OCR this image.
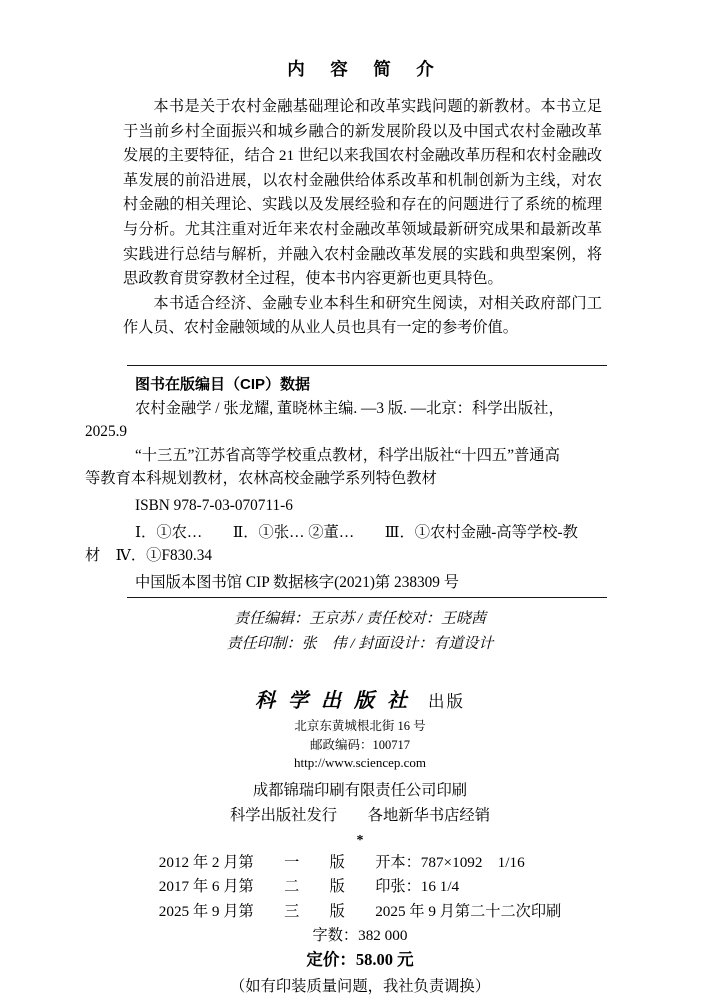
内　容　简　介

本书是关于农村金融基础理论和改革实践问题的新教材。本书立足于当前乡村全面振兴和城乡融合的新发展阶段以及中国式农村金融改革发展的主要特征，结合 21 世纪以来我国农村金融改革历程和农村金融改革发展的前沿进展，以农村金融供给体系改革和机制创新为主线，对农村金融的相关理论、实践以及发展经验和存在的问题进行了系统的梳理与分析。尤其注重对近年来农村金融改革领域最新研究成果和最新改革实践进行总结与解析，并融入农村金融改革发展的实践和典型案例，将思政教育贯穿教材全过程，使本书内容更新也更具特色。

本书适合经济、金融专业本科生和研究生阅读，对相关政府部门工作人员、农村金融领域的从业人员也具有一定的参考价值。

图书在版编目（CIP）数据

农村金融学 / 张龙耀, 董晓林主编. —3 版. —北京：科学出版社，

2025.9

“十三五”江苏省高等学校重点教材，科学出版社“十四五”普通高

等教育本科规划教材，农林高校金融学系列特色教材

ISBN 978-7-03-070711-6

Ⅰ．①农…　　Ⅱ．①张… ②董…　　Ⅲ．①农村金融-高等学校-教

材　Ⅳ．①F830.34

中国版本图书馆 CIP 数据核字(2021)第 238309 号

责任编辑：王京苏 / 责任校对：王晓茜

责任印制：张　伟 / 封面设计：有道设计

科学出版社 出版

北京东黄城根北街 16 号

邮政编码：100717

http://www.sciencep.com

成都锦瑞印刷有限责任公司印刷

科学出版社发行　　各地新华书店经销

*

2012 年 2 月第　　一　　版　　开本：787×1092　1/16

2017 年 6 月第　　二　　版　　印张：16 1/4

2025 年 9 月第　　三　　版　　2025 年 9 月第二十二次印刷

字数：382 000

定价：58.00 元

（如有印装质量问题，我社负责调换）
